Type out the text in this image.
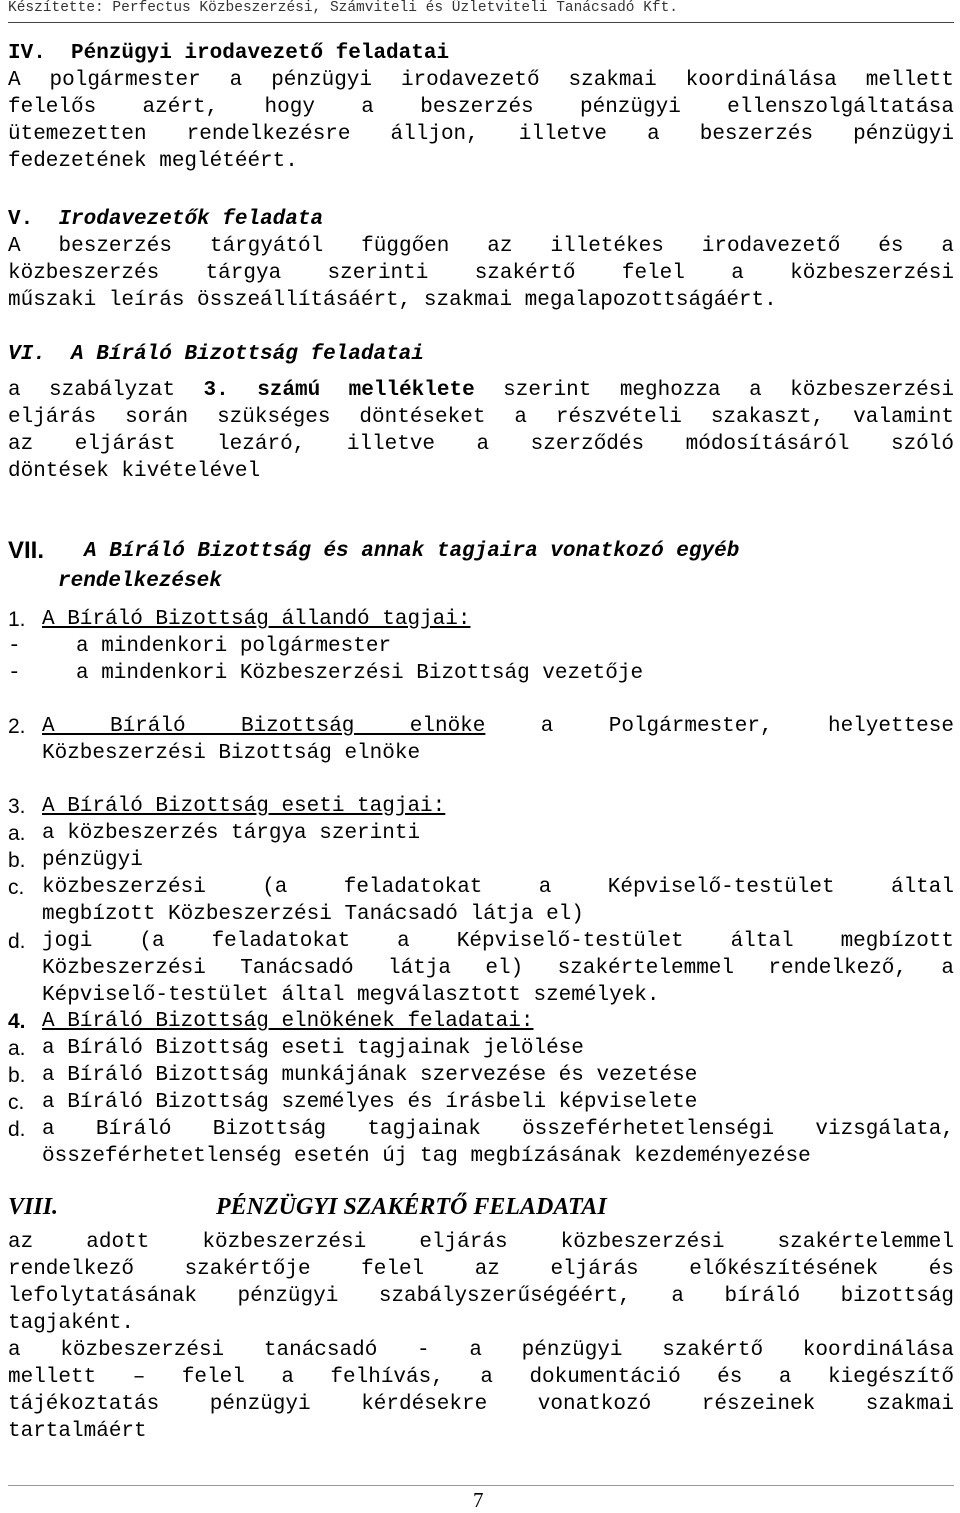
Készítette: Perfectus Közbeszerzési, Számviteli és Üzletviteli Tanácsadó Kft.
IV.  Pénzügyi irodavezető feladatai
A polgármester a pénzügyi irodavezető szakmai koordinálása mellett
felelős azért, hogy a beszerzés pénzügyi ellenszolgáltatása
ütemezetten rendelkezésre álljon, illetve a beszerzés pénzügyi
fedezetének meglétéért.
V. Irodavezetők feladata
A beszerzés tárgyától függően az illetékes irodavezető és a
közbeszerzés tárgya szerinti szakértő felel a közbeszerzési
műszaki leírás összeállításáért, szakmai megalapozottságáért.
VI. A Bíráló Bizottság feladatai
a szabályzat 3. számú melléklete szerint meghozza a közbeszerzési
eljárás során szükséges döntéseket a részvételi szakaszt, valamint
az eljárást lezáró, illetve a szerződés módosításáról szóló
döntések kivételével
VII. A Bíráló Bizottság és annak tagjaira vonatkozó egyéb
rendelkezések
1. A Bíráló Bizottság állandó tagjai:
-	a mindenkori polgármester
-	a mindenkori Közbeszerzési Bizottság vezetője
2. A Bíráló Bizottság elnöke a Polgármester, helyettese
Közbeszerzési Bizottság elnöke
3. A Bíráló Bizottság eseti tagjai:
a. a közbeszerzés tárgya szerinti
b. pénzügyi
c. közbeszerzési (a feladatokat a Képviselő-testület által
megbízott Közbeszerzési Tanácsadó látja el)
d. jogi (a feladatokat a Képviselő-testület által megbízott
Közbeszerzési Tanácsadó látja el) szakértelemmel rendelkező, a
Képviselő-testület által megválasztott személyek.
4. A Bíráló Bizottság elnökének feladatai:
a. a Bíráló Bizottság eseti tagjainak jelölése
b. a Bíráló Bizottság munkájának szervezése és vezetése
c. a Bíráló Bizottság személyes és írásbeli képviselete
d. a Bíráló Bizottság tagjainak összeférhetetlenségi vizsgálata,
összeférhetetlenség esetén új tag megbízásának kezdeményezése
VIII.	PÉNZÜGYI SZAKÉRTŐ FELADATAI
az adott közbeszerzési eljárás közbeszerzési szakértelemmel
rendelkező szakértője felel az eljárás előkészítésének és
lefolytatásának pénzügyi szabályszerűségéért, a bíráló bizottság
tagjaként.
a közbeszerzési tanácsadó - a pénzügyi szakértő koordinálása
mellett – felel a felhívás, a dokumentáció és a kiegészítő
tájékoztatás pénzügyi kérdésekre vonatkozó részeinek szakmai
tartalmáért
7
